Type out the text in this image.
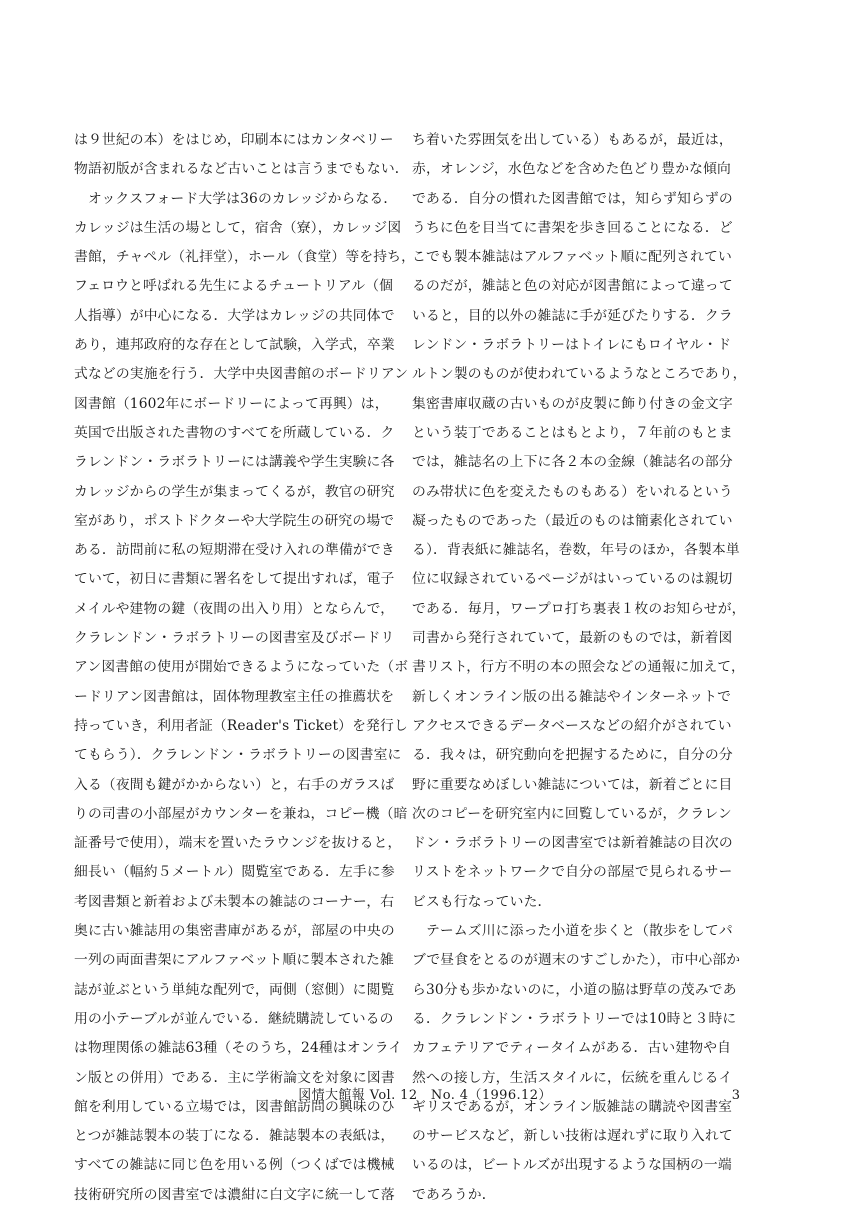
は９世紀の本）をはじめ，印刷本にはカンタベリー
物語初版が含まれるなど古いことは言うまでもない．
　オックスフォード大学は36のカレッジからなる．
カレッジは生活の場として，宿舎（寮），カレッジ図
書館，チャペル（礼拝堂），ホール（食堂）等を持ち，
フェロウと呼ばれる先生によるチュートリアル（個
人指導）が中心になる．大学はカレッジの共同体で
あり，連邦政府的な存在として試験，入学式，卒業
式などの実施を行う．大学中央図書館のボードリアン
図書館（1602年にボードリーによって再興）は，
英国で出版された書物のすべてを所蔵している．ク
ラレンドン・ラボラトリーには講義や学生実験に各
カレッジからの学生が集まってくるが，教官の研究
室があり，ポストドクターや大学院生の研究の場で
ある．訪問前に私の短期滞在受け入れの準備ができ
ていて，初日に書類に署名をして提出すれば，電子
メイルや建物の鍵（夜間の出入り用）とならんで，
クラレンドン・ラボラトリーの図書室及びボードリ
アン図書館の使用が開始できるようになっていた（ボ
ードリアン図書館は，固体物理教室主任の推薦状を
持っていき，利用者証（Reader's Ticket）を発行し
てもらう）．クラレンドン・ラボラトリーの図書室に
入る（夜間も鍵がかからない）と，右手のガラスば
りの司書の小部屋がカウンターを兼ね，コピー機（暗
証番号で使用），端末を置いたラウンジを抜けると，
細長い（幅約５メートル）閲覧室である．左手に参
考図書類と新着および未製本の雑誌のコーナー，右
奥に古い雑誌用の集密書庫があるが，部屋の中央の
一列の両面書架にアルファベット順に製本された雑
誌が並ぶという単純な配列で，両側（窓側）に閲覧
用の小テーブルが並んでいる．継続購読しているの
は物理関係の雑誌63種（そのうち，24種はオンライ
ン版との併用）である．主に学術論文を対象に図書
館を利用している立場では，図書館訪問の興味のひ
とつが雑誌製本の装丁になる．雑誌製本の表紙は，
すべての雑誌に同じ色を用いる例（つくばでは機械
技術研究所の図書室では濃紺に白文字に統一して落
ち着いた雰囲気を出している）もあるが，最近は，
赤，オレンジ，水色などを含めた色どり豊かな傾向
である．自分の慣れた図書館では，知らず知らずの
うちに色を目当てに書架を歩き回ることになる．ど
こでも製本雑誌はアルファベット順に配列されてい
るのだが，雑誌と色の対応が図書館によって違って
いると，目的以外の雑誌に手が延びたりする．クラ
レンドン・ラボラトリーはトイレにもロイヤル・ド
ルトン製のものが使われているようなところであり，
集密書庫収蔵の古いものが皮製に飾り付きの金文字
という装丁であることはもとより，７年前のもとま
では，雑誌名の上下に各２本の金線（雑誌名の部分
のみ帯状に色を変えたものもある）をいれるという
凝ったものであった（最近のものは簡素化されてい
る）．背表紙に雑誌名，巻数，年号のほか，各製本単
位に収録されているページがはいっているのは親切
である．毎月，ワープロ打ち裏表１枚のお知らせが，
司書から発行されていて，最新のものでは，新着図
書リスト，行方不明の本の照会などの通報に加えて，
新しくオンライン版の出る雑誌やインターネットで
アクセスできるデータベースなどの紹介がされてい
る．我々は，研究動向を把握するために，自分の分
野に重要なめぼしい雑誌については，新着ごとに目
次のコピーを研究室内に回覧しているが，クラレン
ドン・ラボラトリーの図書室では新着雑誌の目次の
リストをネットワークで自分の部屋で見られるサー
ビスも行なっていた．
　テームズ川に添った小道を歩くと（散歩をしてパ
ブで昼食をとるのが週末のすごしかた），市中心部か
ら30分も歩かないのに，小道の脇は野草の茂みであ
る．クラレンドン・ラボラトリーでは10時と３時に
カフェテリアでティータイムがある．古い建物や自
然への接し方，生活スタイルに，伝統を重んじるイ
ギリスであるが，オンライン版雑誌の購読や図書室
のサービスなど，新しい技術は遅れずに取り入れて
いるのは，ビートルズが出現するような国柄の一端
であろうか．
図情大館報 Vol. 12　No. 4（1996.12）	3
